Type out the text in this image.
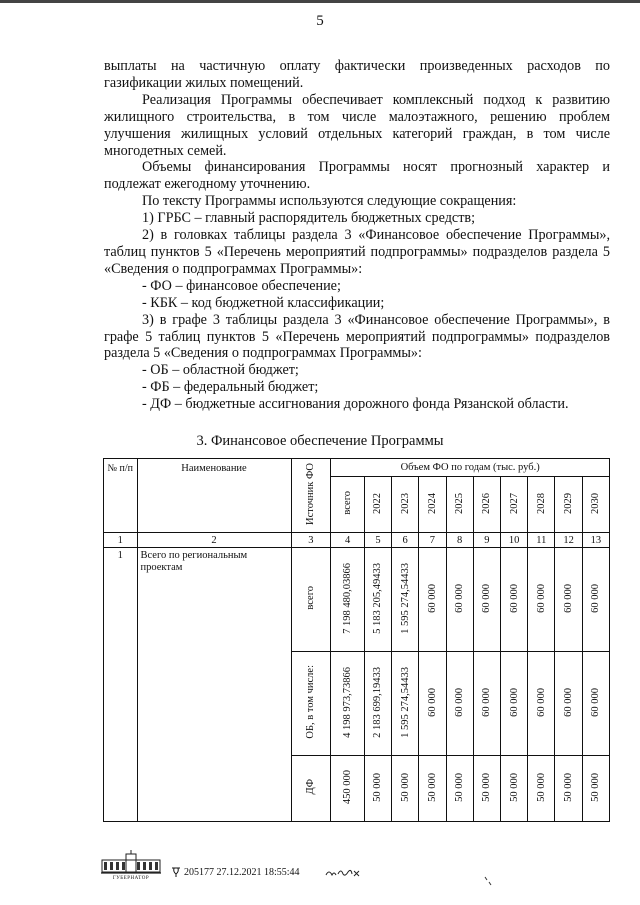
5

выплаты на частичную оплату фактически произведенных расходов по газификации жилых помещений.

Реализация Программы обеспечивает комплексный подход к развитию жилищного строительства, в том числе малоэтажного, решению проблем улучшения жилищных условий отдельных категорий граждан, в том числе многодетных семей.

Объемы финансирования Программы носят прогнозный характер и подлежат ежегодному уточнению.

По тексту Программы используются следующие сокращения:

1) ГРБС – главный распорядитель бюджетных средств;

2) в головках таблицы раздела 3 «Финансовое обеспечение Программы», таблиц пунктов 5 «Перечень мероприятий подпрограммы» подразделов раздела 5 «Сведения о подпрограммах Программы»:

- ФО – финансовое обеспечение;

- КБК – код бюджетной классификации;

3) в графе 3 таблицы раздела 3 «Финансовое обеспечение Программы», в графе 5 таблиц пунктов 5 «Перечень мероприятий подпрограммы» подразделов раздела 5 «Сведения о подпрограммах Программы»:

- ОБ – областной бюджет;

- ФБ – федеральный бюджет;

- ДФ – бюджетные ассигнования дорожного фонда Рязанской области.

3. Финансовое обеспечение Программы
№ п/п	Наименование	Источник ФО	Объем ФО по годам (тыс. руб.)									
			всего	2022	2023	2024	2025	2026	2027	2028	2029	2030
1	2	3	4	5	6	7	8	9	10	11	12	13
1	Всего по региональным проектам	всего	7 198 480,03866	5 183 205,49433	1 595 274,54433	60 000	60 000	60 000	60 000	60 000	60 000	60 000
		ОБ, в том числе:	4 198 973,73866	2 183 699,19433	1 595 274,54433	60 000	60 000	60 000	60 000	60 000	60 000	60 000
		ДФ	450 000	50 000	50 000	50 000	50 000	50 000	50 000	50 000	50 000	50 000
ГУБЕРНАТОР
205177 27.12.2021 18:55:44
